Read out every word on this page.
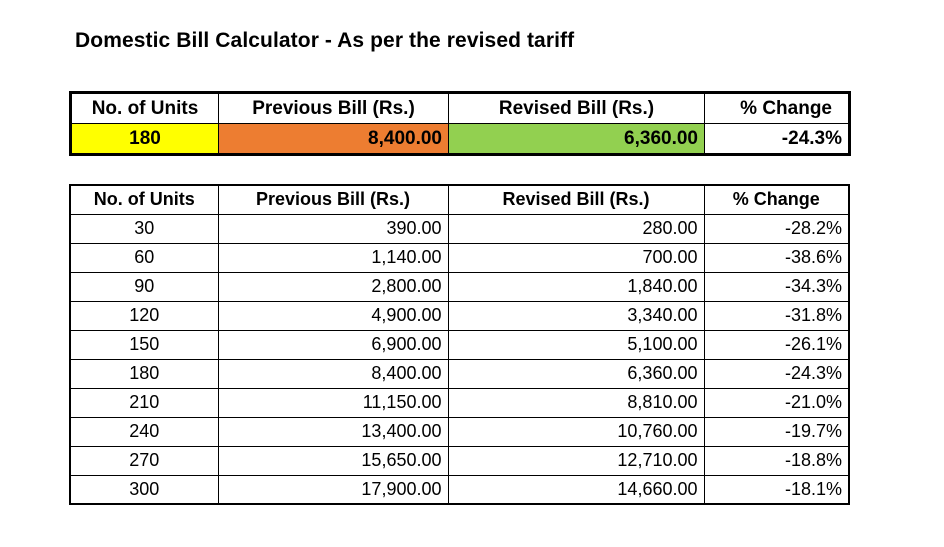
Domestic Bill Calculator - As per the revised tariff
No. of Units	Previous Bill (Rs.)	Revised Bill (Rs.)	% Change
180	8,400.00	6,360.00	-24.3%
No. of Units	Previous Bill (Rs.)	Revised Bill (Rs.)	% Change
30	390.00	280.00	-28.2%
60	1,140.00	700.00	-38.6%
90	2,800.00	1,840.00	-34.3%
120	4,900.00	3,340.00	-31.8%
150	6,900.00	5,100.00	-26.1%
180	8,400.00	6,360.00	-24.3%
210	11,150.00	8,810.00	-21.0%
240	13,400.00	10,760.00	-19.7%
270	15,650.00	12,710.00	-18.8%
300	17,900.00	14,660.00	-18.1%
